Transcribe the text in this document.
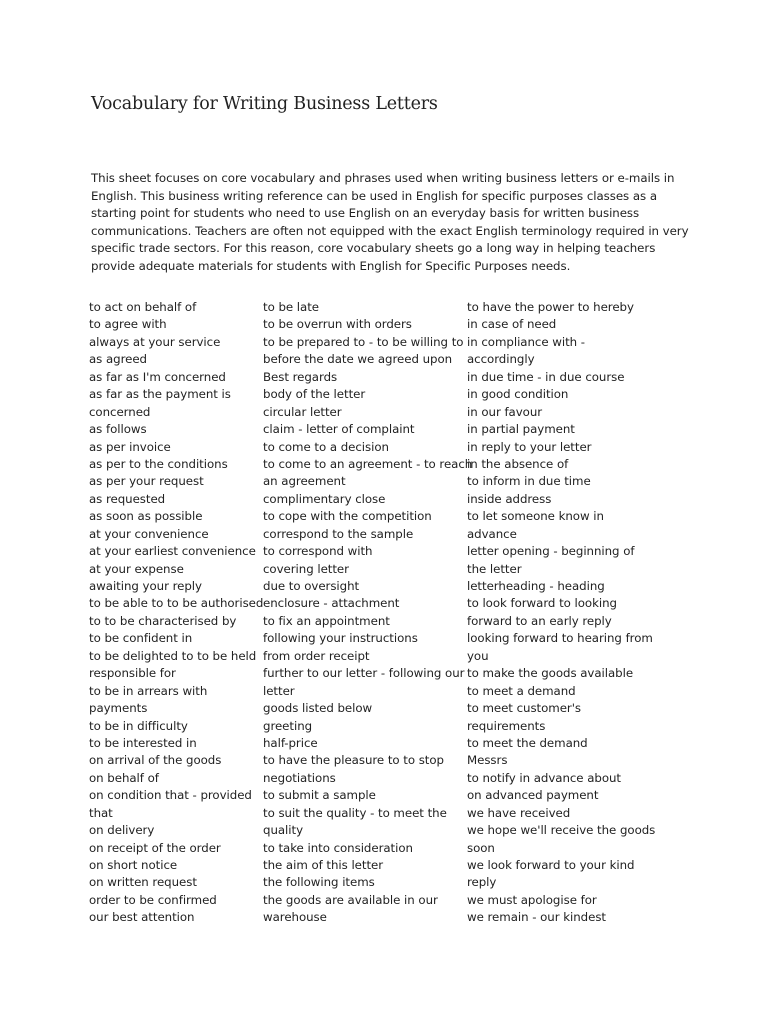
Vocabulary for Writing Business Letters
This sheet focuses on core vocabulary and phrases used when writing business letters or e-mails in
English. This business writing reference can be used in English for specific purposes classes as a
starting point for students who need to use English on an everyday basis for written business
communications. Teachers are often not equipped with the exact English terminology required in very
specific trade sectors. For this reason, core vocabulary sheets go a long way in helping teachers
provide adequate materials for students with English for Specific Purposes needs.
to act on behalf of
to agree with
always at your service
as agreed
as far as I'm concerned
as far as the payment is
concerned
as follows
as per invoice
as per to the conditions
as per your request
as requested
as soon as possible
at your convenience
at your earliest convenience
at your expense
awaiting your reply
to be able to to be authorised
to to be characterised by
to be confident in
to be delighted to to be held
responsible for
to be in arrears with
payments
to be in difficulty
to be interested in
on arrival of the goods
on behalf of
on condition that - provided
that
on delivery
on receipt of the order
on short notice
on written request
order to be confirmed
our best attention
to be late
to be overrun with orders
to be prepared to - to be willing to
before the date we agreed upon
Best regards
body of the letter
circular letter
claim - letter of complaint
to come to a decision
to come to an agreement - to reach
an agreement
complimentary close
to cope with the competition
correspond to the sample
to correspond with
covering letter
due to oversight
enclosure - attachment
to fix an appointment
following your instructions
from order receipt
further to our letter - following our
letter
goods listed below
greeting
half-price
to have the pleasure to to stop
negotiations
to submit a sample
to suit the quality - to meet the
quality
to take into consideration
the aim of this letter
the following items
the goods are available in our
warehouse
to have the power to hereby
in case of need
in compliance with -
accordingly
in due time - in due course
in good condition
in our favour
in partial payment
in reply to your letter
in the absence of
to inform in due time
inside address
to let someone know in
advance
letter opening - beginning of
the letter
letterheading - heading
to look forward to looking
forward to an early reply
looking forward to hearing from
you
to make the goods available
to meet a demand
to meet customer's
requirements
to meet the demand
Messrs
to notify in advance about
on advanced payment
we have received
we hope we'll receive the goods
soon
we look forward to your kind
reply
we must apologise for
we remain - our kindest
